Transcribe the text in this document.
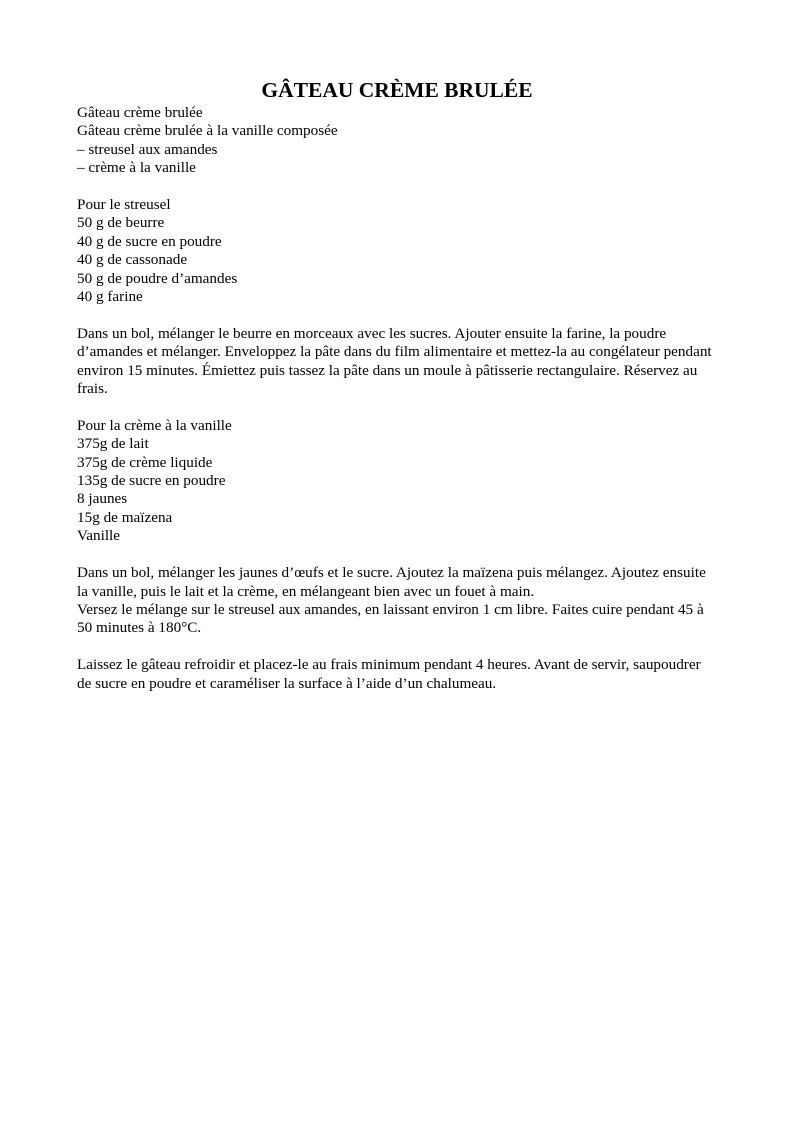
GÂTEAU CRÈME BRULÉE
Gâteau crème brulée
Gâteau crème brulée à la vanille composée
– streusel aux amandes
– crème à la vanille
Pour le streusel
50 g de beurre
40 g de sucre en poudre
40 g de cassonade
50 g de poudre d’amandes
40 g farine
Dans un bol, mélanger le beurre en morceaux avec les sucres. Ajouter ensuite la farine, la poudre d’amandes et mélanger. Enveloppez la pâte dans du film alimentaire et mettez-la au congélateur pendant environ 15 minutes. Émiettez puis tassez la pâte dans un moule à pâtisserie rectangulaire. Réservez au frais.
Pour la crème à la vanille
375g de lait
375g de crème liquide
135g de sucre en poudre
8 jaunes
15g de maïzena
Vanille
Dans un bol, mélanger les jaunes d’œufs et le sucre. Ajoutez la maïzena puis mélangez. Ajoutez ensuite la vanille, puis le lait et la crème, en mélangeant bien avec un fouet à main.
Versez le mélange sur le streusel aux amandes, en laissant environ 1 cm libre. Faites cuire pendant 45 à 50 minutes à 180°C.
Laissez le gâteau refroidir et placez-le au frais minimum pendant 4 heures. Avant de servir, saupoudrer de sucre en poudre et caraméliser la surface à l’aide d’un chalumeau.
